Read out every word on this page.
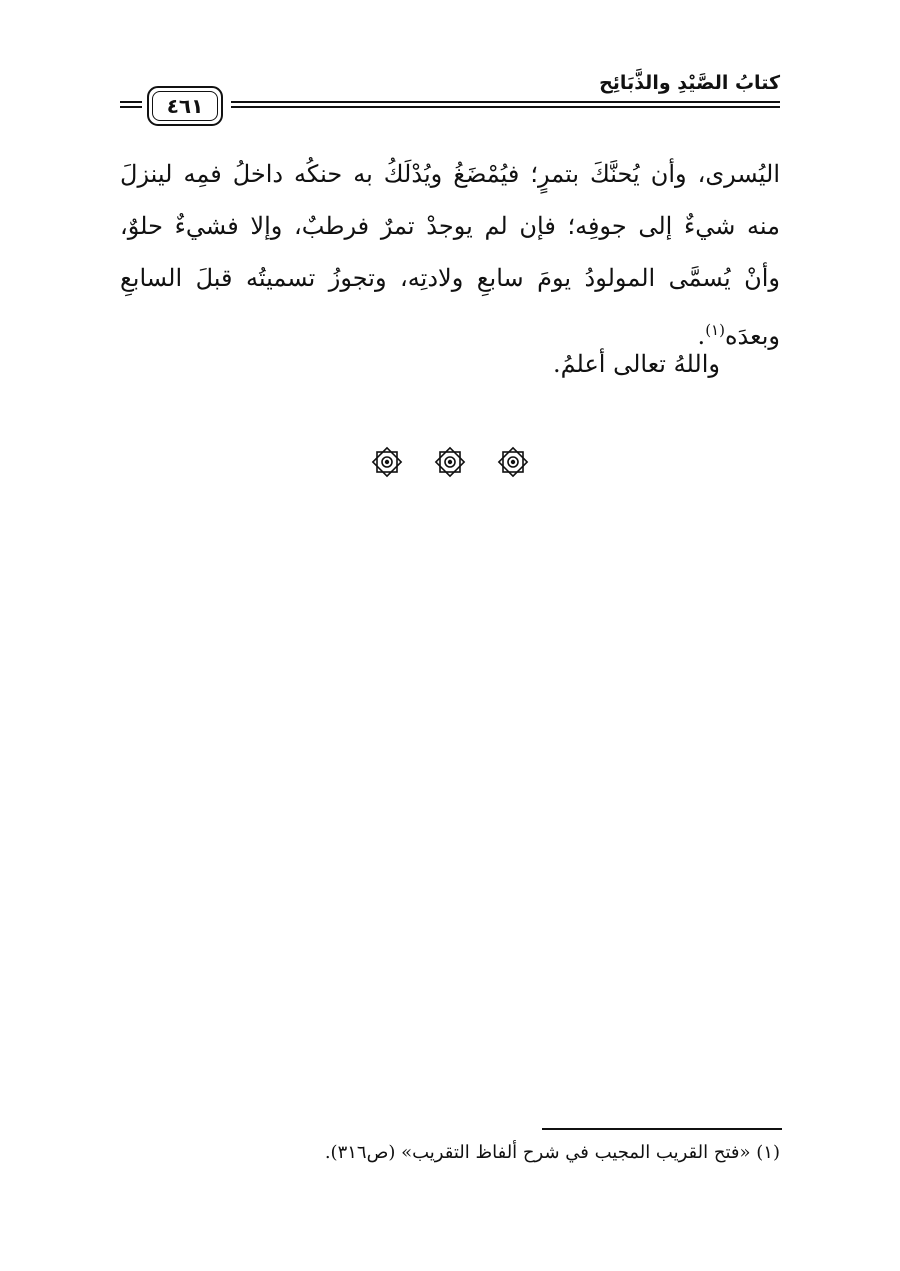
كتابُ الصَّيْدِ والذَّبَائِح
٤٦١
اليُسرى، وأن يُحنَّكَ بتمرٍ؛ فيُمْضَغُ ويُدْلَكُ به حنكُه داخلُ فمِه لينزلَ
منه شيءٌ إلى جوفِه؛ فإن لم يوجدْ تمرٌ فرطبٌ، وإلا فشيءٌ حلوٌ،
وأنْ يُسمَّى المولودُ يومَ سابعِ ولادتِه، وتجوزُ تسميتُه قبلَ السابعِ
وبعدَه$^{(١)}$.
واللهُ تعالى أعلمُ.
(١) «فتح القريب المجيب في شرح ألفاظ التقريب» (ص٣١٦).
